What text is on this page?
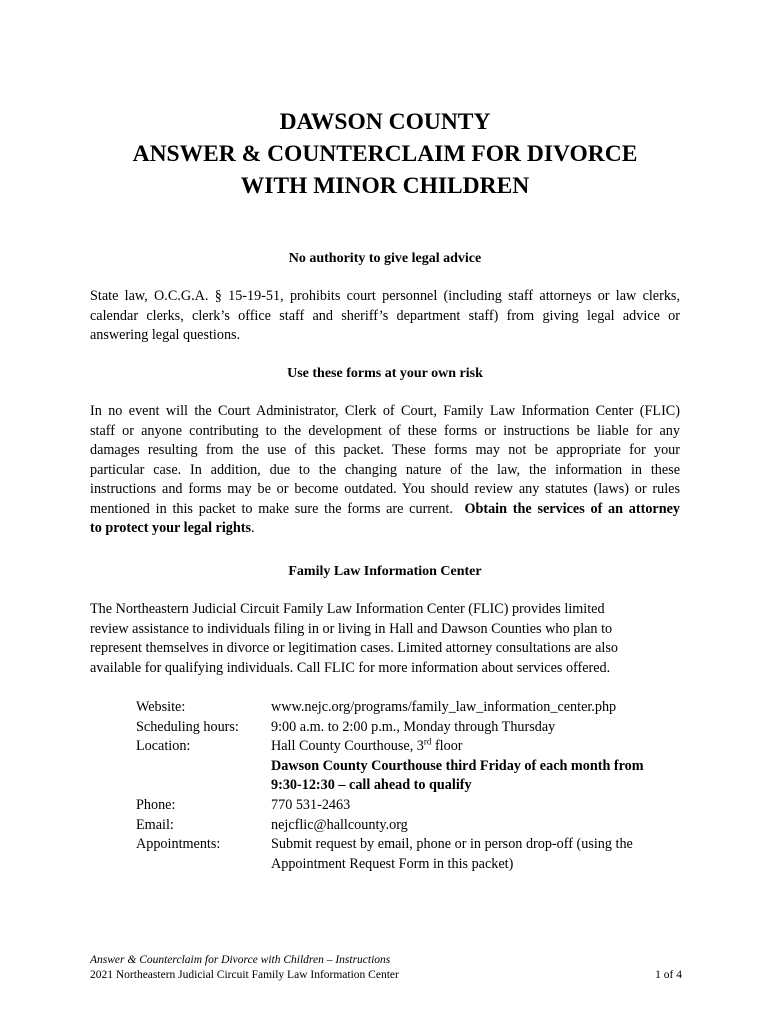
DAWSON COUNTY
ANSWER & COUNTERCLAIM FOR DIVORCE
WITH MINOR CHILDREN
No authority to give legal advice
State law, O.C.G.A. § 15-19-51, prohibits court personnel (including staff attorneys or law clerks,
calendar clerks, clerk’s office staff and sheriff’s department staff) from giving legal advice or
answering legal questions.
Use these forms at your own risk
In no event will the Court Administrator, Clerk of Court, Family Law Information Center (FLIC)
staff or anyone contributing to the development of these forms or instructions be liable for any
damages resulting from the use of this packet. These forms may not be appropriate for your
particular case. In addition, due to the changing nature of the law, the information in these
instructions and forms may be or become outdated. You should review any statutes (laws) or rules
mentioned in this packet to make sure the forms are current. Obtain the services of an attorney
to protect your legal rights.
Family Law Information Center
The Northeastern Judicial Circuit Family Law Information Center (FLIC) provides limited
review assistance to individuals filing in or living in Hall and Dawson Counties who plan to
represent themselves in divorce or legitimation cases. Limited attorney consultations are also
available for qualifying individuals. Call FLIC for more information about services offered.
Website:	www.nejc.org/programs/family_law_information_center.php
Scheduling hours:	9:00 a.m. to 2:00 p.m., Monday through Thursday
Location:	Hall County Courthouse, 3rd floor
Dawson County Courthouse third Friday of each month from
9:30-12:30 – call ahead to qualify
Phone:	770 531-2463
Email:	nejcflic@hallcounty.org
Appointments:	Submit request by email, phone or in person drop-off (using the
Appointment Request Form in this packet)
Answer & Counterclaim for Divorce with Children – Instructions
2021 Northeastern Judicial Circuit Family Law Information Center	1 of 4
